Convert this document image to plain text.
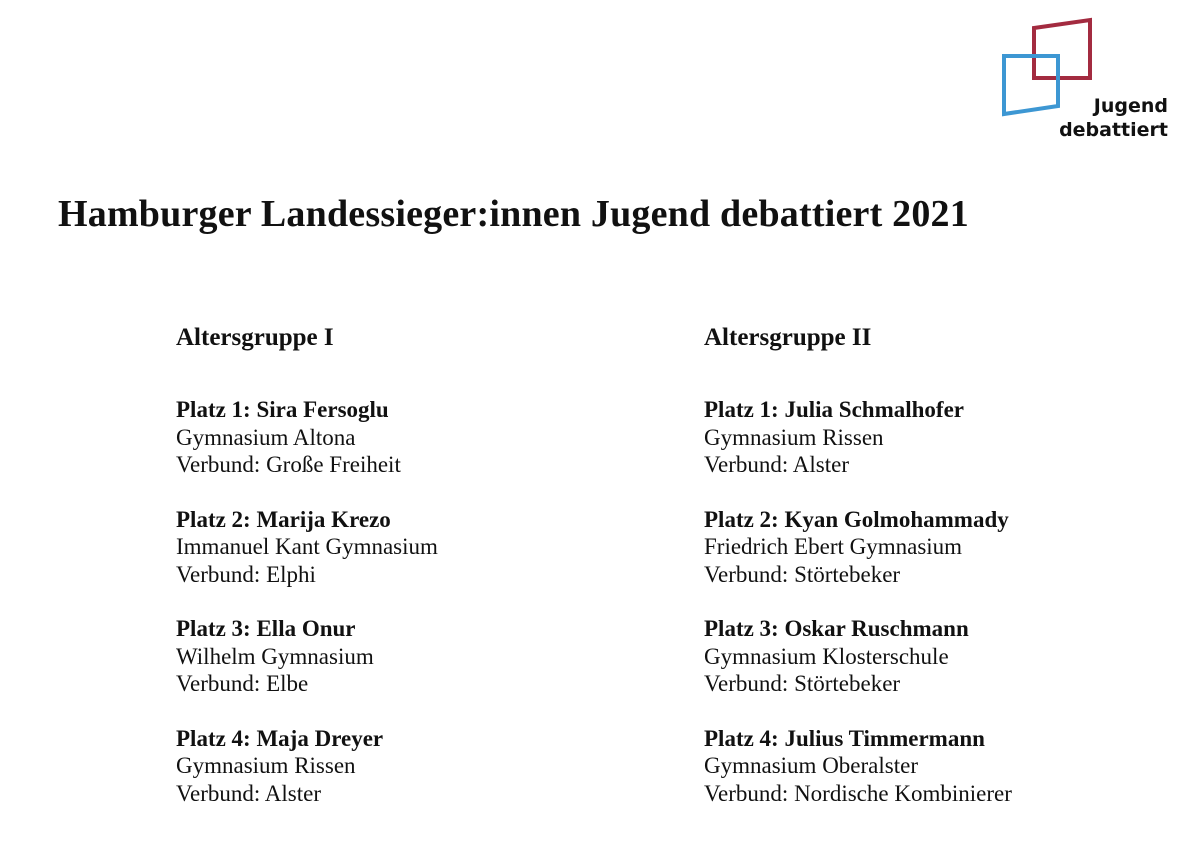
Jugend
debattiert
Hamburger Landessieger:innen Jugend debattiert 2021
Altersgruppe I
Platz 1: Sira Fersoglu
Gymnasium Altona
Verbund: Große Freiheit
Platz 2: Marija Krezo
Immanuel Kant Gymnasium
Verbund: Elphi
Platz 3: Ella Onur
Wilhelm Gymnasium
Verbund: Elbe
Platz 4: Maja Dreyer
Gymnasium Rissen
Verbund: Alster
Altersgruppe II
Platz 1: Julia Schmalhofer
Gymnasium Rissen
Verbund: Alster
Platz 2: Kyan Golmohammady
Friedrich Ebert Gymnasium
Verbund: Störtebeker
Platz 3: Oskar Ruschmann
Gymnasium Klosterschule
Verbund: Störtebeker
Platz 4: Julius Timmermann
Gymnasium Oberalster
Verbund: Nordische Kombinierer
